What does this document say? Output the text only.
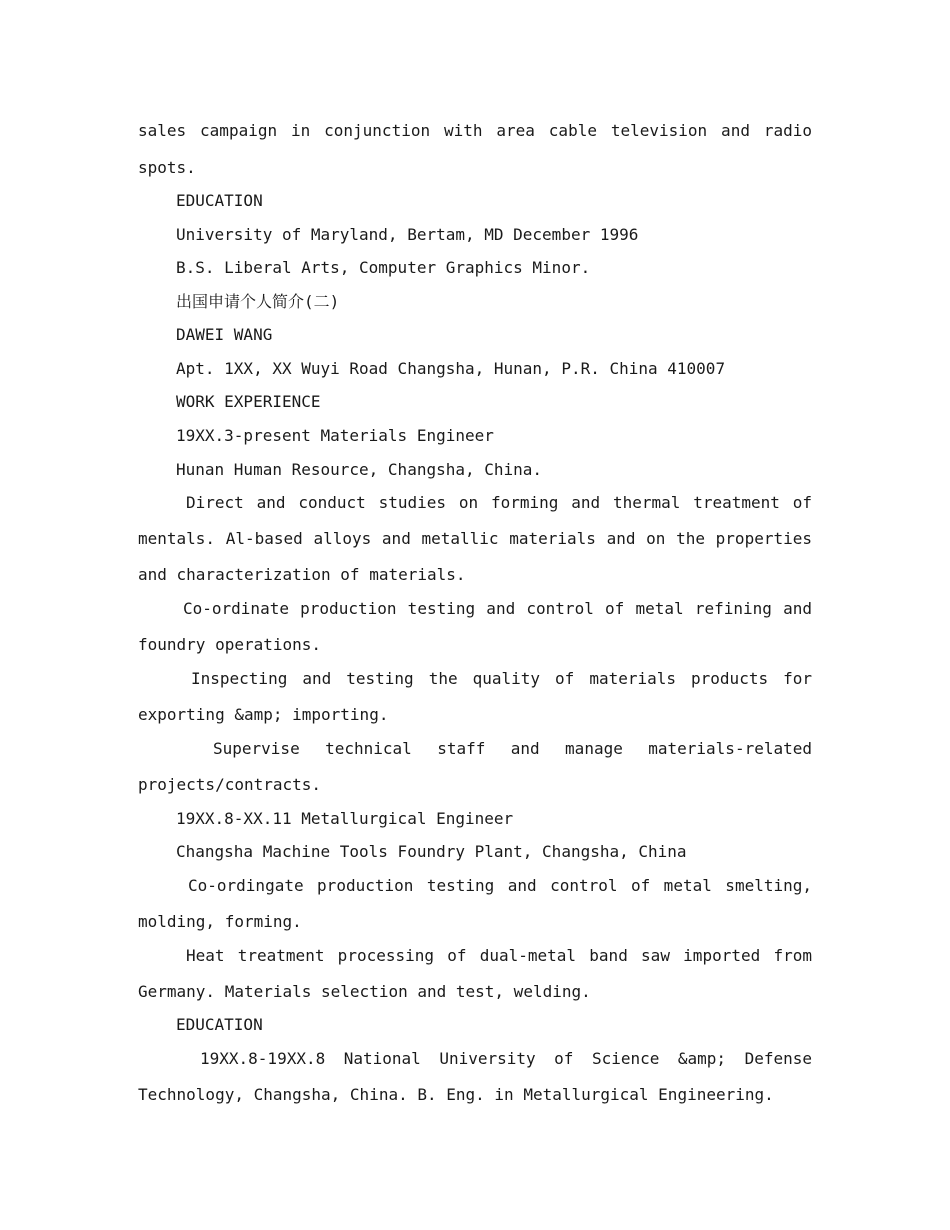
sales campaign in conjunction with area cable television and radio
spots.
EDUCATION
University of Maryland, Bertam, MD December 1996
B.S. Liberal Arts, Computer Graphics Minor.
出国申请个人简介(二)
DAWEI WANG
Apt. 1XX, XX Wuyi Road Changsha, Hunan, P.R. China 410007
WORK EXPERIENCE
19XX.3-present Materials Engineer
Hunan Human Resource, Changsha, China.
Direct and conduct studies on forming and thermal treatment of
mentals. Al-based alloys and metallic materials and on the properties
and characterization of materials.
Co-ordinate production testing and control of metal refining and
foundry operations.
Inspecting and testing the quality of materials products for
exporting &amp; importing.
Supervise technical staff and manage materials-related
projects/contracts.
19XX.8-XX.11 Metallurgical Engineer
Changsha Machine Tools Foundry Plant, Changsha, China
Co-ordingate production testing and control of metal smelting,
molding, forming.
Heat treatment processing of dual-metal band saw imported from
Germany. Materials selection and test, welding.
EDUCATION
19XX.8-19XX.8 National University of Science &amp; Defense
Technology, Changsha, China. B. Eng. in Metallurgical Engineering.
